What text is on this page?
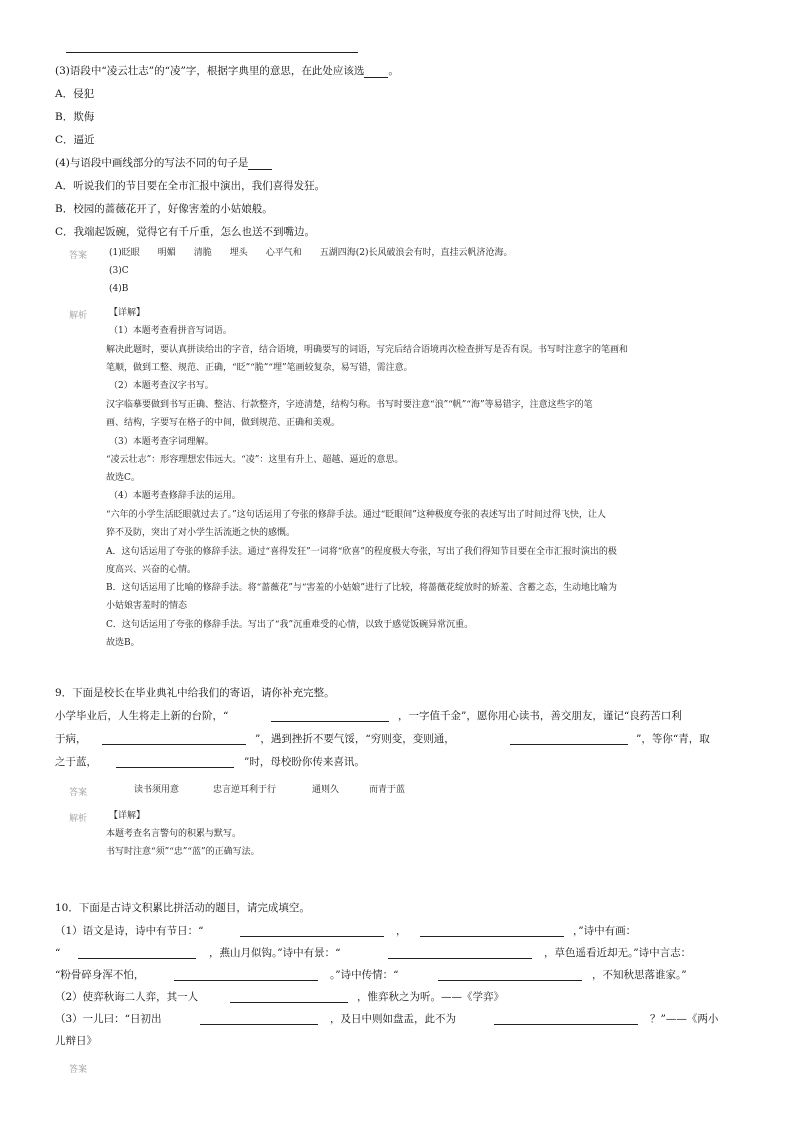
(3)语段中“凌云壮志”的“凌”字，根据字典里的意思，在此处应该选 。
A．侵犯
B．欺侮
C．逼近
(4)与语段中画线部分的写法不同的句子是
A．听说我们的节目要在全市汇报中演出，我们喜得发狂。
B．校园的蔷薇花开了，好像害羞的小姑娘般。
C．我端起饭碗，觉得它有千斤重，怎么也送不到嘴边。
答案 (1)眨眼　　明媚　　清脆　　埋头　　心平气和　　五湖四海(2)长风破浪会有时，直挂云帆济沧海。
(3)C
(4)B
解析 【详解】
（1）本题考查看拼音写词语。
解决此题时，要认真拼读给出的字音，结合语境，明确要写的词语，写完后结合语境再次检查拼写是否有误。书写时注意字的笔画和
笔顺，做到工整、规范、正确，“眨”“脆”“埋”笔画较复杂，易写错，需注意。
（2）本题考查汉字书写。
汉字临摹要做到书写正确、整洁、行款整齐，字迹清楚，结构匀称。书写时要注意“浪”“帆”“海”等易错字，注意这些字的笔
画、结构，字要写在格子的中间，做到规范、正确和美观。
（3）本题考查字词理解。
“凌云壮志”：形容理想宏伟远大。“凌”：这里有升上、超越、逼近的意思。
故选C。
（4）本题考查修辞手法的运用。
“六年的小学生活眨眼就过去了。”这句话运用了夸张的修辞手法。通过“眨眼间”这种极度夸张的表述写出了时间过得飞快，让人
猝不及防，突出了对小学生活流逝之快的感慨。
A．这句话运用了夸张的修辞手法。通过“喜得发狂”一词将“欣喜”的程度极大夸张，写出了我们得知节目要在全市汇报时演出的极
度高兴、兴奋的心情。
B．这句话运用了比喻的修辞手法。将“蔷薇花”与“害羞的小姑娘”进行了比较，将蔷薇花绽放时的娇羞、含蓄之态，生动地比喻为
小姑娘害羞时的情态
C．这句话运用了夸张的修辞手法。写出了“我”沉重难受的心情，以致于感觉饭碗异常沉重。
故选B。
9．下面是校长在毕业典礼中给我们的寄语，请你补充完整。
小学毕业后，人生将走上新的台阶，“	，一字值千金”，愿你用心读书，善交朋友，谨记“良药苦口利
于病，	”，遇到挫折不要气馁，“穷则变，变则通，	”，等你“青，取
之于蓝，	”时，母校盼你传来喜讯。
答案	读书须用意	忠言逆耳利于行	通则久	而青于蓝
解析 【详解】
本题考查名言警句的积累与默写。
书写时注意“须”“忠”“蓝”的正确写法。
10．下面是古诗文积累比拼活动的题目，请完成填空。
（1）语文是诗，诗中有节日：“	，	，”诗中有画：
“	，燕山月似钩。”诗中有景：“	，草色遥看近却无。”诗中言志：
“粉骨碎身浑不怕，	。”诗中传情：“	，不知秋思落谁家。”
（2）使弈秋诲二人弈，其一人	，惟弈秋之为听。——《学弈》
（3）一儿曰：“日初出	，及日中则如盘盂，此不为	？”——《两小
儿辩日》
答案
